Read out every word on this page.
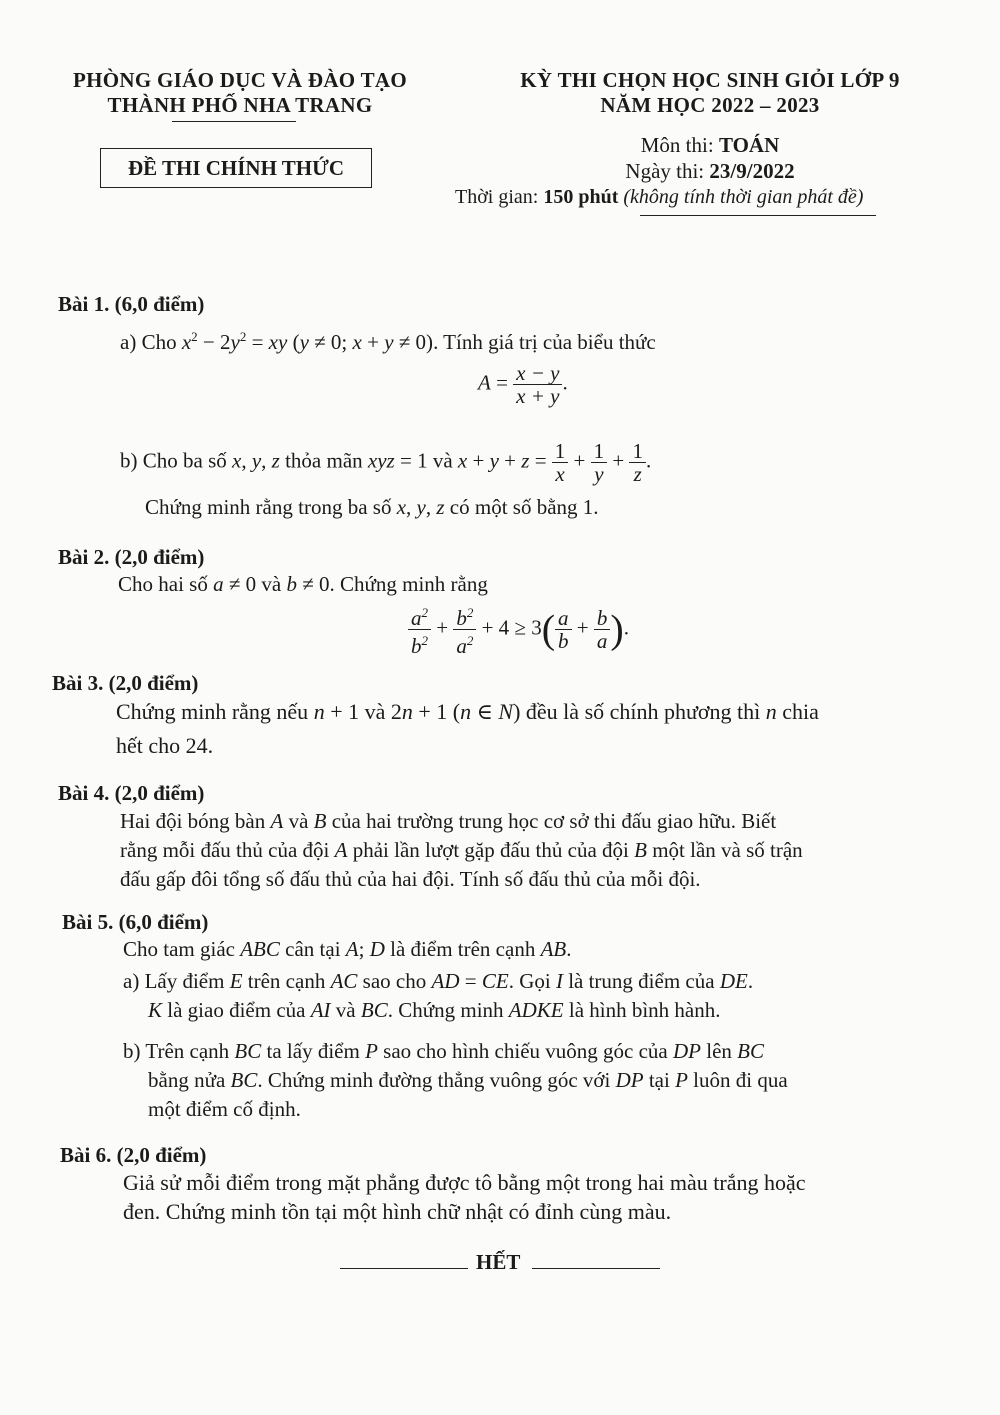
PHÒNG GIÁO DỤC VÀ ĐÀO TẠO
THÀNH PHỐ NHA TRANG
ĐỀ THI CHÍNH THỨC
KỲ THI CHỌN HỌC SINH GIỎI LỚP 9
NĂM HỌC 2022 – 2023
Môn thi: TOÁN
Ngày thi: 23/9/2022
Thời gian: 150 phút (không tính thời gian phát đề)
Bài 1. (6,0 điểm)
a) Cho $x^2 - 2y^2$ = xy (y ≠ 0; x + y ≠ 0). Tính giá trị của biểu thức
$A = \frac{x - y}{x + y}$ .
b) Cho ba số x, y, z thỏa mãn xyz = 1 và $x + y + z = \frac{1}{x} + \frac{1}{y} + \frac{1}{z}$ .
Chứng minh rằng trong ba số x, y, z có một số bằng 1.
Bài 2. (2,0 điểm)
Cho hai số a ≠ 0 và b ≠ 0. Chứng minh rằng
$\frac{a^2}{b^2} + \frac{b^2}{a^2} + 4 \ge 3( \frac{a}{b} + \frac{b}{a}$ ).
Bài 3. (2,0 điểm)
Chứng minh rằng nếu n + 1 và 2n + 1 (n ∈ N) đều là số chính phương thì n chia
hết cho 24.
Bài 4. (2,0 điểm)
Hai đội bóng bàn A và B của hai trường trung học cơ sở thi đấu giao hữu. Biết
rằng mỗi đấu thủ của đội A phải lần lượt gặp đấu thủ của đội B một lần và số trận
đấu gấp đôi tổng số đấu thủ của hai đội. Tính số đấu thủ của mỗi đội.
Bài 5. (6,0 điểm)
Cho tam giác ABC cân tại A; D là điểm trên cạnh AB.
a) Lấy điểm E trên cạnh AC sao cho AD = CE. Gọi I là trung điểm của DE.
K là giao điểm của AI và BC. Chứng minh ADKE là hình bình hành.
b) Trên cạnh BC ta lấy điểm P sao cho hình chiếu vuông góc của DP lên BC
bằng nửa BC. Chứng minh đường thẳng vuông góc với DP tại P luôn đi qua
một điểm cố định.
Bài 6. (2,0 điểm)
Giả sử mỗi điểm trong mặt phẳng được tô bằng một trong hai màu trắng hoặc
đen. Chứng minh tồn tại một hình chữ nhật có đỉnh cùng màu.
HẾT
